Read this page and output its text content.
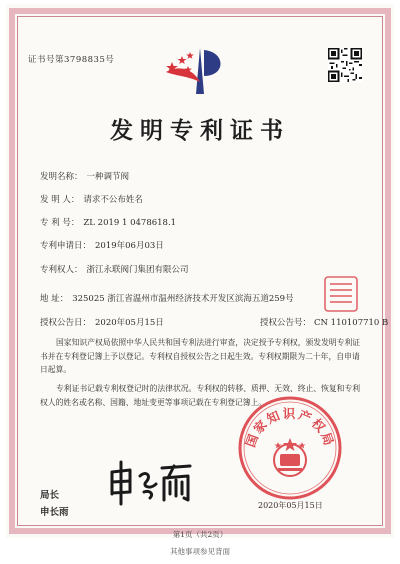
证书号第3798835号
发明专利证书
发明名称： 一种调节阀
发 明 人： 请求不公布姓名
专 利 号： ZL 2019 1 0478618.1
专利申请日： 2019年06月03日
专利权人： 浙江永联阀门集团有限公司
地 址： 325025 浙江省温州市温州经济技术开发区滨海五道259号
授权公告日： 2020年05月15日	授权公告号： CN 110107710 B
国家知识产权局依照中华人民共和国专利法进行审查，决定授予专利权，颁发发明专利证书并在专利登记簿上予以登记。专利权自授权公告之日起生效。专利权期限为二十年，自申请日起算。
专利证书记载专利权登记时的法律状况。专利权的转移、质押、无效、终止、恢复和专利权人的姓名或名称、国籍、地址变更等事项记载在专利登记簿上。
局长
申长雨
国家知识产权局
2020年05月15日
第1页（共2页）
其他事项参见背面
